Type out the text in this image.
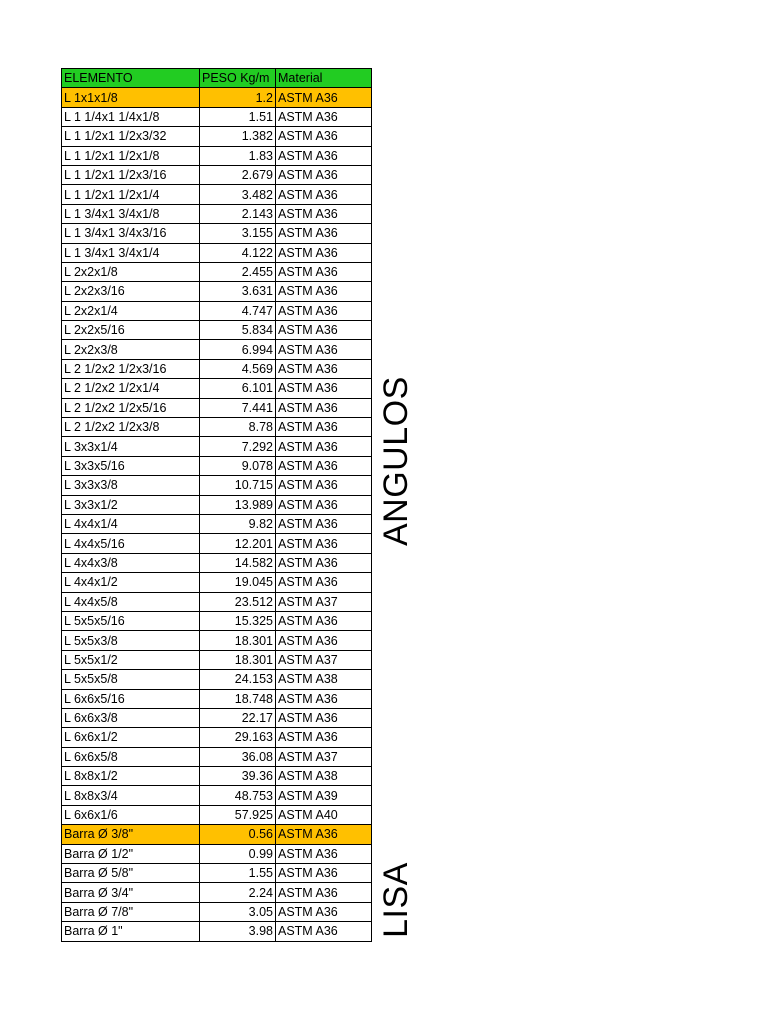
ELEMENTO	PESO Kg/m	Material
L 1x1x1/8	1.2	ASTM A36
L 1 1/4x1 1/4x1/8	1.51	ASTM A36
L 1 1/2x1 1/2x3/32	1.382	ASTM A36
L 1 1/2x1 1/2x1/8	1.83	ASTM A36
L 1 1/2x1 1/2x3/16	2.679	ASTM A36
L 1 1/2x1 1/2x1/4	3.482	ASTM A36
L 1 3/4x1 3/4x1/8	2.143	ASTM A36
L 1 3/4x1 3/4x3/16	3.155	ASTM A36
L 1 3/4x1 3/4x1/4	4.122	ASTM A36
L 2x2x1/8	2.455	ASTM A36
L 2x2x3/16	3.631	ASTM A36
L 2x2x1/4	4.747	ASTM A36
L 2x2x5/16	5.834	ASTM A36
L 2x2x3/8	6.994	ASTM A36
L 2 1/2x2 1/2x3/16	4.569	ASTM A36
L 2 1/2x2 1/2x1/4	6.101	ASTM A36
L 2 1/2x2 1/2x5/16	7.441	ASTM A36
L 2 1/2x2 1/2x3/8	8.78	ASTM A36
L 3x3x1/4	7.292	ASTM A36
L 3x3x5/16	9.078	ASTM A36
L 3x3x3/8	10.715	ASTM A36
L 3x3x1/2	13.989	ASTM A36
L 4x4x1/4	9.82	ASTM A36
L 4x4x5/16	12.201	ASTM A36
L 4x4x3/8	14.582	ASTM A36
L 4x4x1/2	19.045	ASTM A36
L 4x4x5/8	23.512	ASTM A37
L 5x5x5/16	15.325	ASTM A36
L 5x5x3/8	18.301	ASTM A36
L 5x5x1/2	18.301	ASTM A37
L 5x5x5/8	24.153	ASTM A38
L 6x6x5/16	18.748	ASTM A36
L 6x6x3/8	22.17	ASTM A36
L 6x6x1/2	29.163	ASTM A36
L 6x6x5/8	36.08	ASTM A37
L 8x8x1/2	39.36	ASTM A38
L 8x8x3/4	48.753	ASTM A39
L 6x6x1/6	57.925	ASTM A40
Barra Ø 3/8"	0.56	ASTM A36
Barra Ø 1/2"	0.99	ASTM A36
Barra Ø 5/8"	1.55	ASTM A36
Barra Ø 3/4"	2.24	ASTM A36
Barra Ø 7/8"	3.05	ASTM A36
Barra Ø 1"	3.98	ASTM A36
ANGULOS
LISA
